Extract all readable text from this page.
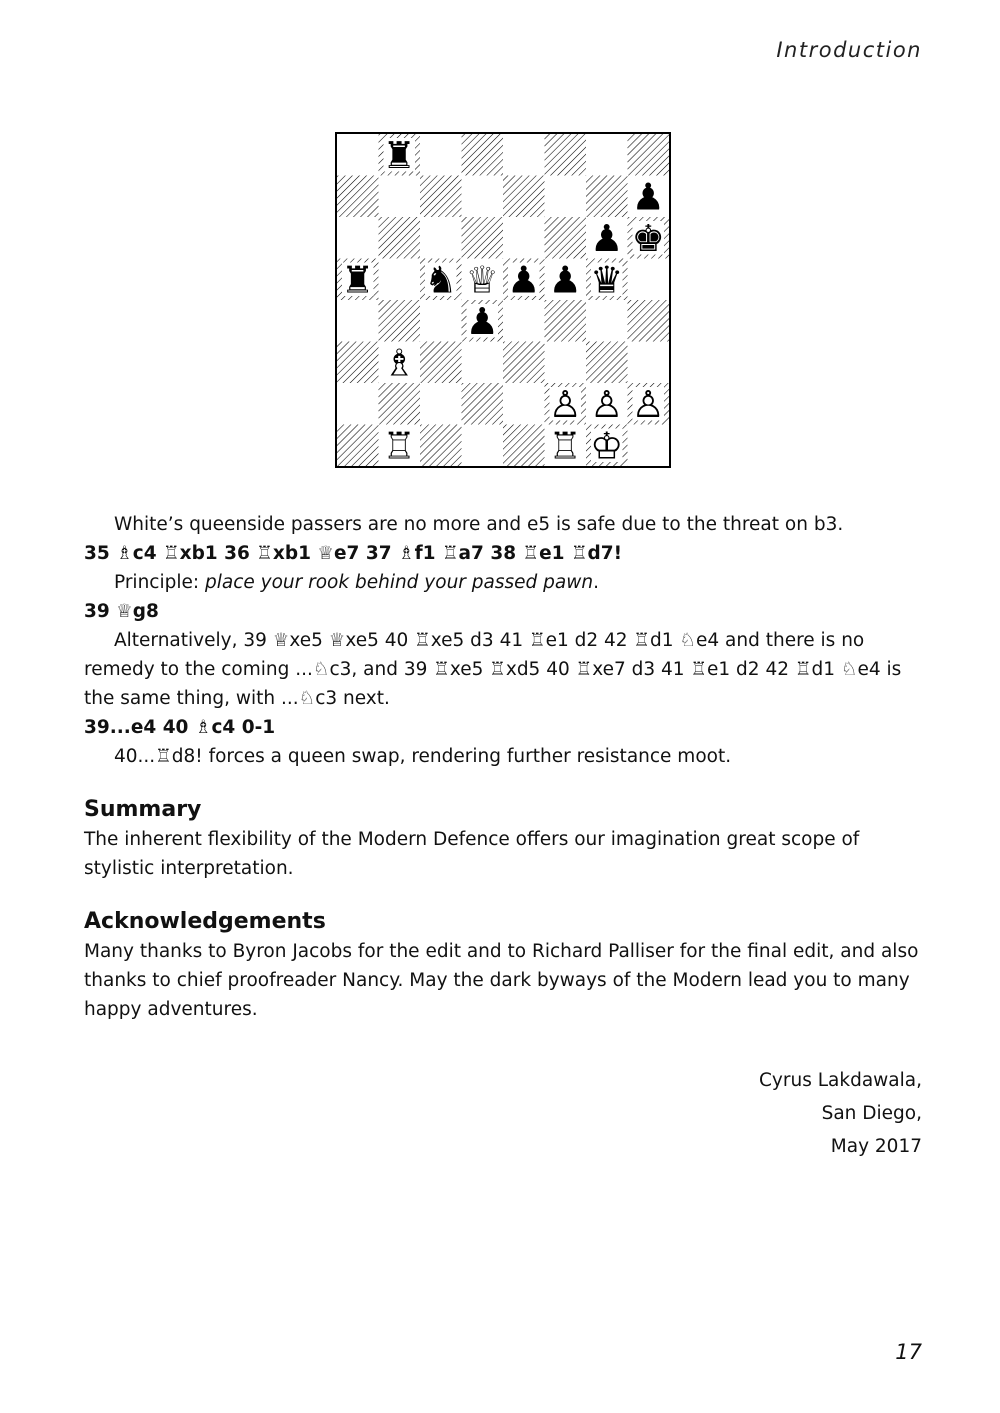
Introduction
♜
♟
♟ ♚
♜ ♞ ♕ ♟ ♟ ♛
♟
♗
♙ ♙ ♙
♖	♖ ♔

White’s queenside passers are no more and e5 is safe due to the threat on b3.

35 ♗c4 ♖xb1 36 ♖xb1 ♕e7 37 ♗f1 ♖a7 38 ♖e1 ♖d7!

Principle: place your rook behind your passed pawn.

39 ♕g8

Alternatively, 39 ♕xe5 ♕xe5 40 ♖xe5 d3 41 ♖e1 d2 42 ♖d1 ♘e4 and there is no remedy to the coming ...♘c3, and 39 ♖xe5 ♖xd5 40 ♖xe7 d3 41 ♖e1 d2 42 ♖d1 ♘e4 is the same thing, with ...♘c3 next.

39...e4 40 ♗c4 0-1

40...♖d8! forces a queen swap, rendering further resistance moot.

Summary

The inherent flexibility of the Modern Defence offers our imagination great scope of stylistic interpretation.

Acknowledgements

Many thanks to Byron Jacobs for the edit and to Richard Palliser for the final edit, and also thanks to chief proofreader Nancy. May the dark byways of the Modern lead you to many happy adventures.

Cyrus Lakdawala,
San Diego,
May 2017
17
